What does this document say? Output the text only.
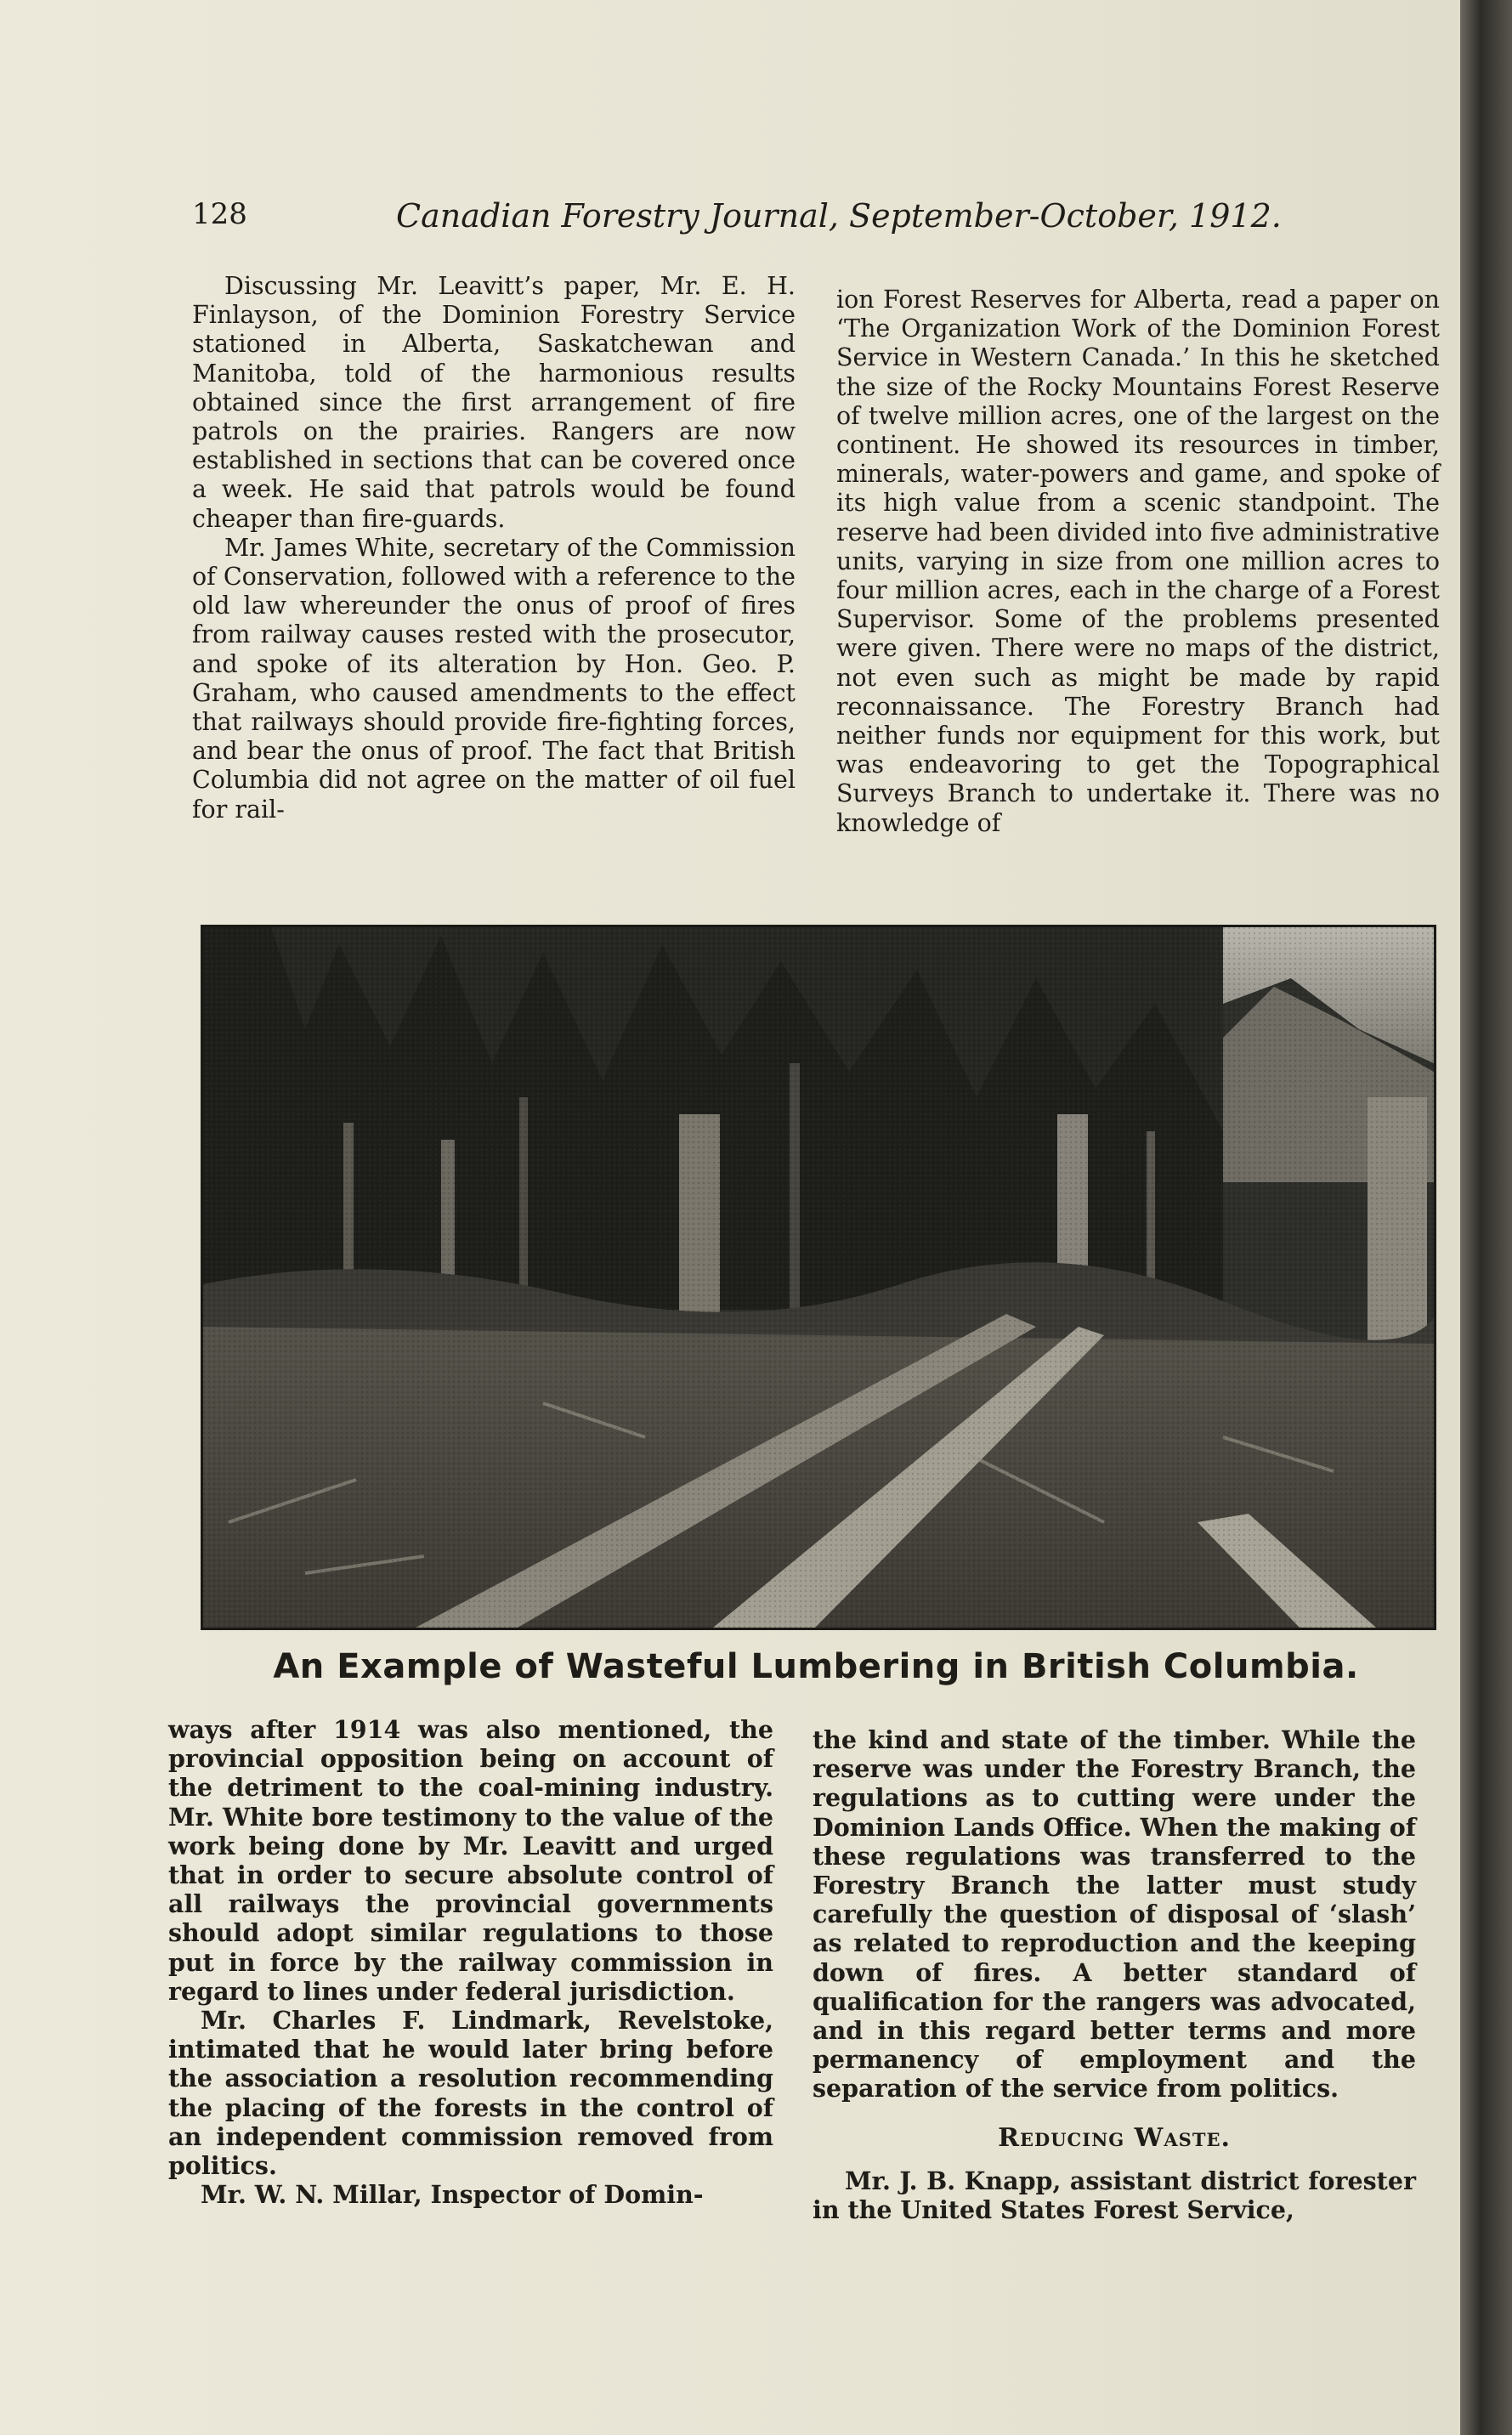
128	Canadian Forestry Journal, September-October, 1912.

Discussing Mr. Leavitt’s paper, Mr. E. H. Finlayson, of the Dominion Forestry Service stationed in Alberta, Saskatchewan and Manitoba, told of the harmonious results obtained since the first arrangement of fire patrols on the prairies. Rangers are now established in sections that can be covered once a week. He said that patrols would be found cheaper than fire-guards.

Mr. James White, secretary of the Commission of Conservation, followed with a reference to the old law whereunder the onus of proof of fires from railway causes rested with the prosecutor, and spoke of its alteration by Hon. Geo. P. Graham, who caused amendments to the effect that railways should provide fire-fighting forces, and bear the onus of proof. The fact that British Columbia did not agree on the matter of oil fuel for rail-

ion Forest Reserves for Alberta, read a paper on ‘The Organization Work of the Dominion Forest Service in Western Canada.’ In this he sketched the size of the Rocky Mountains Forest Reserve of twelve million acres, one of the largest on the continent. He showed its resources in timber, minerals, water-powers and game, and spoke of its high value from a scenic standpoint. The reserve had been divided into five administrative units, varying in size from one million acres to four million acres, each in the charge of a Forest Supervisor. Some of the problems presented were given. There were no maps of the district, not even such as might be made by rapid reconnaissance. The Forestry Branch had neither funds nor equipment for this work, but was endeavoring to get the Topographical Surveys Branch to undertake it. There was no knowledge of

An Example of Wasteful Lumbering in British Columbia.

ways after 1914 was also mentioned, the provincial opposition being on account of the detriment to the coal-mining industry. Mr. White bore testimony to the value of the work being done by Mr. Leavitt and urged that in order to secure absolute control of all railways the provincial governments should adopt similar regulations to those put in force by the railway commission in regard to lines under federal jurisdiction.

Mr. Charles F. Lindmark, Revelstoke, intimated that he would later bring before the association a resolution recommending the placing of the forests in the control of an independent commission removed from politics.

Mr. W. N. Millar, Inspector of Domin-

the kind and state of the timber. While the reserve was under the Forestry Branch, the regulations as to cutting were under the Dominion Lands Office. When the making of these regulations was transferred to the Forestry Branch the latter must study carefully the question of disposal of ‘slash’ as related to reproduction and the keeping down of fires. A better standard of qualification for the rangers was advocated, and in this regard better terms and more permanency of employment and the separation of the service from politics.

Reducing Waste.

Mr. J. B. Knapp, assistant district forester in the United States Forest Service,
